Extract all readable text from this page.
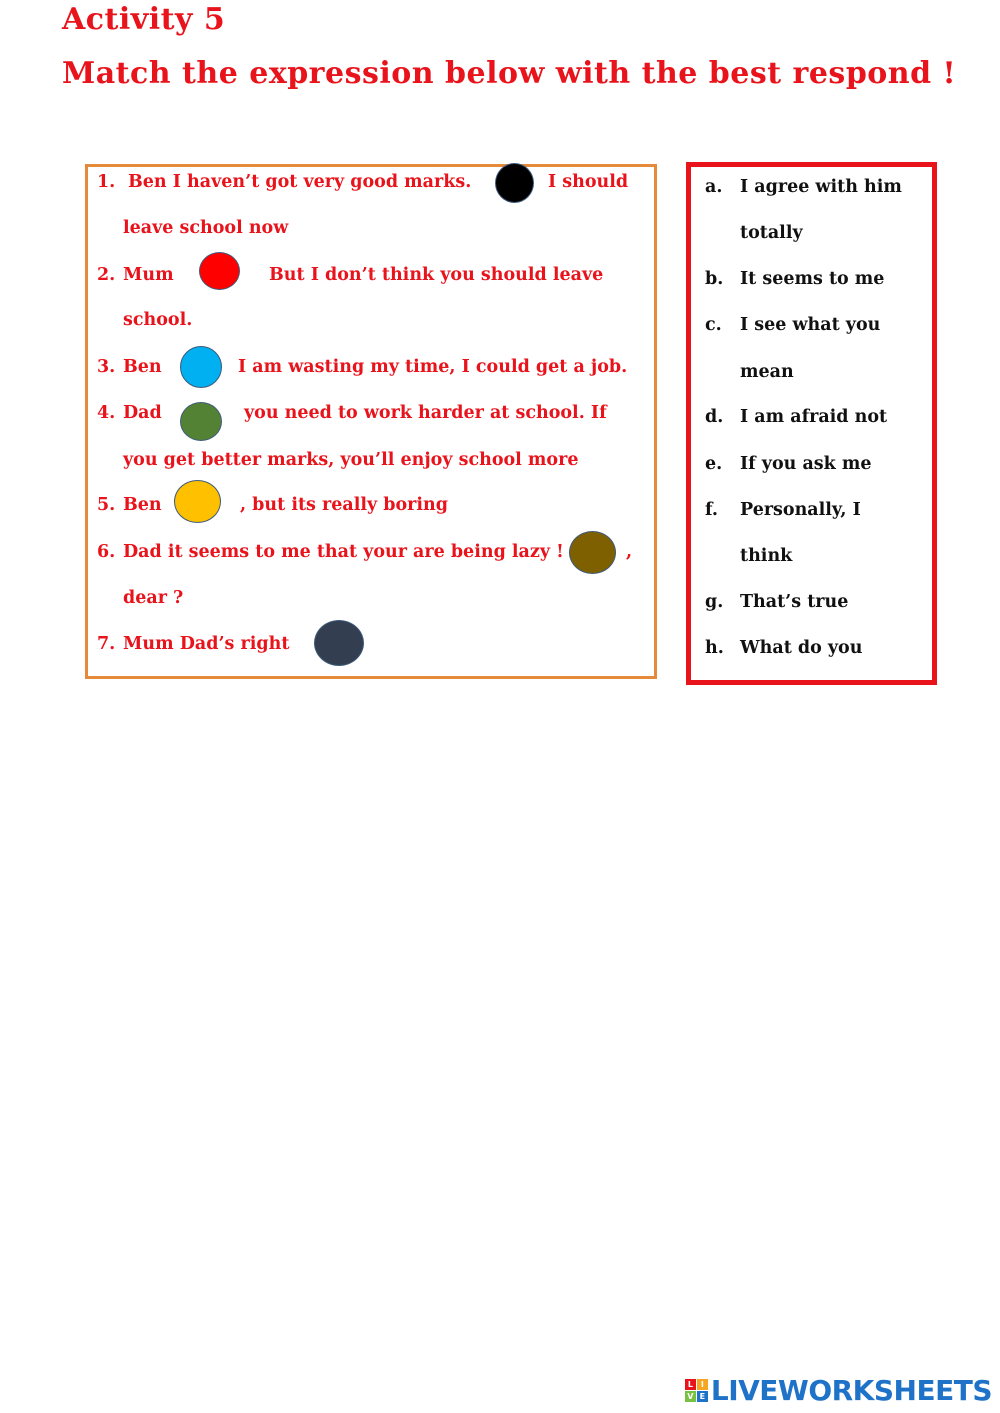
Activity 5
Match the expression below with the best respond !
1. Ben I haven’t got very good marks.	I should
leave school now
2. Mum	But I don’t think you should leave
school.
3. Ben	I am wasting my time, I could get a job.
4. Dad	you need to work harder at school. If
you get better marks, you’ll enjoy school more
5. Ben	, but its really boring
6. Dad it seems to me that your are being lazy !	,
dear ?
7. Mum Dad’s right
a. I agree with him
totally
b. It seems to me
c. I see what you
mean
d. I am afraid not
e. If you ask me
f. Personally, I
think
g. That’s true
h. What do you
L I
V E LIVEWORKSHEETS
